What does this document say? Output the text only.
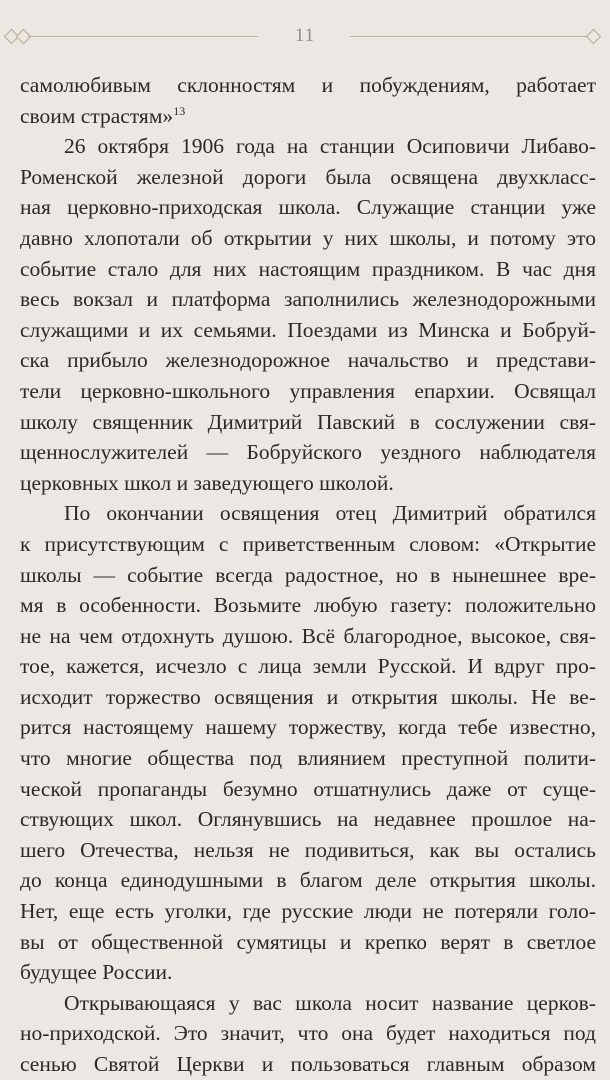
11
самолюбивым склонностям и побуждениям, работает
своим страстям»$^{13}$
26 октября 1906 года на станции Осиповичи Либаво-
Роменской железной дороги была освящена двухкласс-
ная церковно-приходская школа. Служащие станции уже
давно хлопотали об открытии у них школы, и потому это
событие стало для них настоящим праздником. В час дня
весь вокзал и платформа заполнились железнодорожными
служащими и их семьями. Поездами из Минска и Бобруй-
ска прибыло железнодорожное начальство и представи-
тели церковно-школьного управления епархии. Освящал
школу священник Димитрий Павский в сослужении свя-
щеннослужителей — Бобруйского уездного наблюдателя
церковных школ и заведующего школой.
По окончании освящения отец Димитрий обратился
к присутствующим с приветственным словом: «Открытие
школы — событие всегда радостное, но в нынешнее вре-
мя в особенности. Возьмите любую газету: положительно
не на чем отдохнуть душою. Всё благородное, высокое, свя-
тое, кажется, исчезло с лица земли Русской. И вдруг про-
исходит торжество освящения и открытия школы. Не ве-
рится настоящему нашему торжеству, когда тебе известно,
что многие общества под влиянием преступной полити-
ческой пропаганды безумно отшатнулись даже от суще-
ствующих школ. Оглянувшись на недавнее прошлое на-
шего Отечества, нельзя не подивиться, как вы остались
до конца единодушными в благом деле открытия школы.
Нет, еще есть уголки, где русские люди не потеряли голо-
вы от общественной сумятицы и крепко верят в светлое
будущее России.
Открывающаяся у вас школа носит название церков-
но-приходской. Это значит, что она будет находиться под
сенью Святой Церкви и пользоваться главным образом
